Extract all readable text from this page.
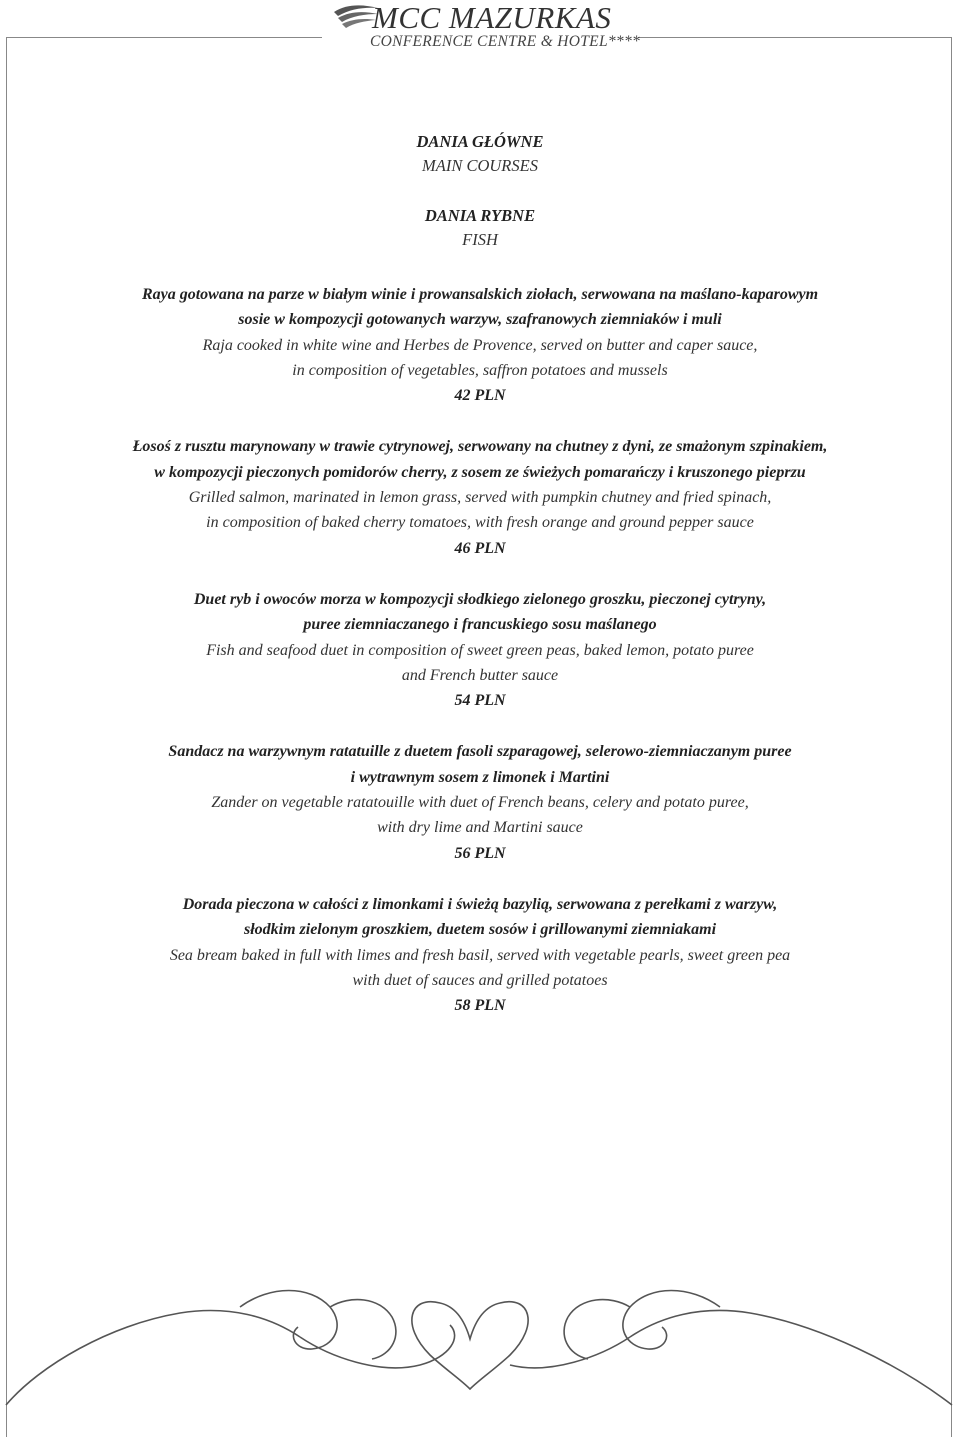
MCC MAZURKAS
CONFERENCE CENTRE & HOTEL****
DANIA GŁÓWNE
MAIN COURSES
DANIA RYBNE
FISH
Raya gotowana na parze w białym winie i prowansalskich ziołach, serwowana na maślano-kaparowym
sosie w kompozycji gotowanych warzyw, szafranowych ziemniaków i muli
Raja cooked in white wine and Herbes de Provence, served on butter and caper sauce,
in composition of vegetables, saffron potatoes and mussels
42 PLN
Łosoś z rusztu marynowany w trawie cytrynowej, serwowany na chutney z dyni, ze smażonym szpinakiem,
w kompozycji pieczonych pomidorów cherry, z sosem ze świeżych pomarańczy i kruszonego pieprzu
Grilled salmon, marinated in lemon grass, served with pumpkin chutney and fried spinach,
in composition of baked cherry tomatoes, with fresh orange and ground pepper sauce
46 PLN
Duet ryb i owoców morza w kompozycji słodkiego zielonego groszku, pieczonej cytryny,
puree ziemniaczanego i francuskiego sosu maślanego
Fish and seafood duet in composition of sweet green peas, baked lemon, potato puree
and French butter sauce
54 PLN
Sandacz na warzywnym ratatuille z duetem fasoli szparagowej, selerowo-ziemniaczanym puree
i wytrawnym sosem z limonek i Martini
Zander on vegetable ratatouille with duet of French beans, celery and potato puree,
with dry lime and Martini sauce
56 PLN
Dorada pieczona w całości z limonkami i świeżą bazylią, serwowana z perełkami z warzyw,
słodkim zielonym groszkiem, duetem sosów i grillowanymi ziemniakami
Sea bream baked in full with limes and fresh basil, served with vegetable pearls, sweet green pea
with duet of sauces and grilled potatoes
58 PLN
